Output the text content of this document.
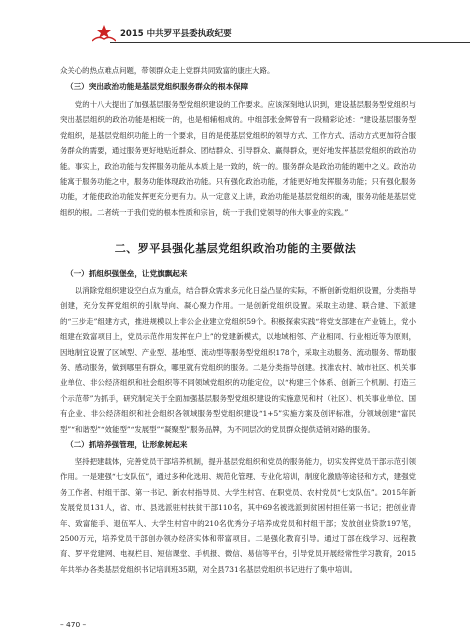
2015 中共罗平县委执政纪要

众关心的热点难点问题，带领群众走上党群共同致富的康庄大路。

（三）突出政治功能是基层党组织服务群众的根本保障

党的十八大提出了加强基层服务型党组织建设的工作要求。应该深刻地认识到，建设基层服务型党组织与突出基层组织的政治功能是相统一的，也是相辅相成的。中组部张金辉曾有一段精彩论述：“建设基层服务型党组织，是基层党组织功能上的一个要求，目的是使基层党组织的领导方式、工作方式、活动方式更加符合服务群众的需要，通过服务更好地贴近群众、团结群众、引导群众、赢得群众，更好地发挥基层党组织的政治功能。事实上，政治功能与发挥服务功能从本质上是一致的，统一的。服务群众是政治功能的题中之义。政治功能寓于服务功能之中，服务功能体现政治功能。只有强化政治功能，才能更好地发挥服务功能；只有强化服务功能，才能使政治功能发挥更充分更有力。从一定意义上讲，政治功能是基层党组织的魂，服务功能是基层党组织的根。二者统一于我们党的根本性质和宗旨，统一于我们党领导的伟大事业的实践。”

二、罗平县强化基层党组织政治功能的主要做法
（一）抓组织强堡垒，让党旗飘起来

以消除党组织建设空白点为重点，结合群众需求多元化日益凸显的实际，不断创新党组织设置，分类指导创建，充分发挥党组织的引航导向、凝心聚力作用。一是创新党组织设置。采取主动建、联合建、下派建的“三步走”组建方式，推进规模以上非公企业建立党组织59个。积极探索实践“将党支部建在产业链上，党小组建在致富项目上，党员示范作用发挥在户上”的党建新模式，以地域相邻、产业相同、行业相近等为原则，因地制宜设置了区域型、产业型、基地型、流动型等服务型党组织178个，采取主动服务、流动服务、帮助服务、感动服务，做到哪里有群众，哪里就有党组织的服务。二是分类指导创建。找准农村、城市社区、机关事业单位、非公经济组织和社会组织等不同领域党组织的功能定位，以“构建三个体系、创新三个机制、打造三个示范带”为抓手，研究制定关于全面加强基层服务型党组织建设的实施意见和村（社区）、机关事业单位、国有企业、非公经济组织和社会组织各领域服务型党组织建设“1+5”实施方案及创评标准，分领域创建“富民型”“和谐型”“效能型”“发展型”“凝聚型”服务品牌，为不同层次的党员群众提供适销对路的服务。

– 470 –
（二）抓培养强管理，让形象树起来

坚持把建载体，完善党员干部培养机制，提升基层党组织和党员的服务能力，切实发挥党员干部示范引领作用。一是建强“七支队伍”，通过多种化选用、规范化管理、专业化培训，制度化激励等途径和方式，建强党务工作者、村组干部、第一书记、新农村指导员、大学生村官、在职党员、农村党员“七支队伍”。2015年新发展党员131人，省、市、县选派驻村扶贫干部110名，其中69名被选派到贫困村担任第一书记；把创业青年、致富能手、退伍军人、大学生村官中的210名优秀分子培养成党员和村组干部；发放创业贷款197笔，2500万元，培养党员干部创办领办经济实体和带富项目。二是强化教育引导。通过丁部在线学习、远程教育、罗平党建网、电视栏目、短信课堂、手机报、微信、易信等平台，引导党员开展经常性学习教育，2015年共举办各类基层党组织书记培训班35期，对全县731名基层党组织书记进行了集中培训。
